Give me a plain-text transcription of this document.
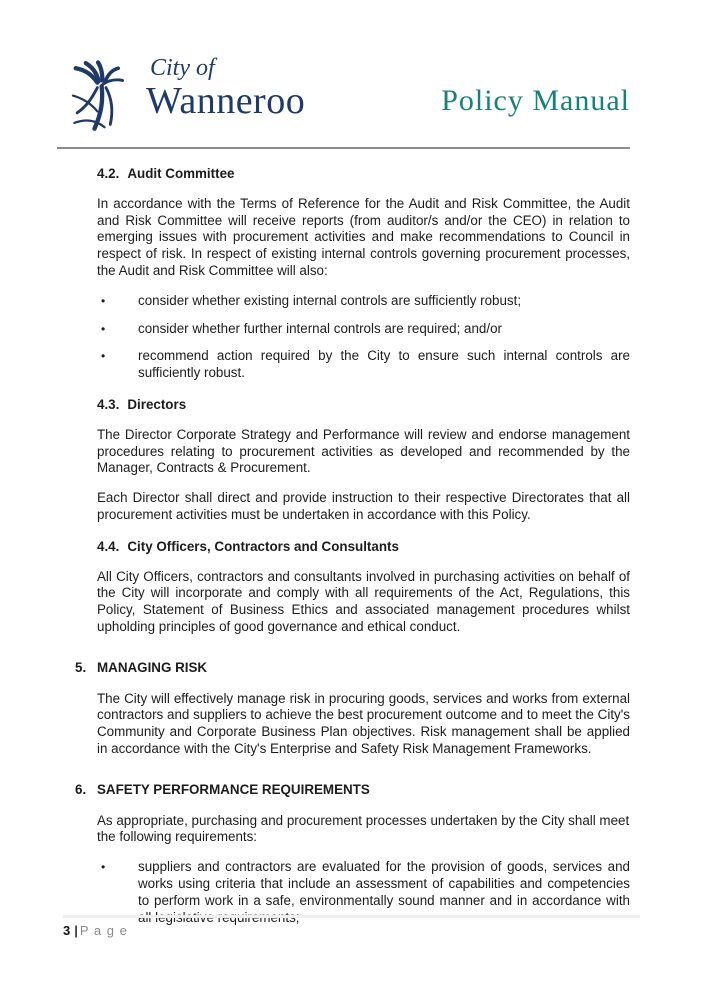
City of
Wanneroo	Policy Manual
4.2. Audit Committee

In accordance with the Terms of Reference for the Audit and Risk Committee, the Audit and Risk Committee will receive reports (from auditor/s and/or the CEO) in relation to emerging issues with procurement activities and make recommendations to Council in respect of risk. In respect of existing internal controls governing procurement processes, the Audit and Risk Committee will also:

•	consider whether existing internal controls are sufficiently robust;
•	consider whether further internal controls are required; and/or
•	recommend action required by the City to ensure such internal controls are sufficiently robust.
4.3. Directors

The Director Corporate Strategy and Performance will review and endorse management procedures relating to procurement activities as developed and recommended by the Manager, Contracts & Procurement.

Each Director shall direct and provide instruction to their respective Directorates that all procurement activities must be undertaken in accordance with this Policy.

4.4. City Officers, Contractors and Consultants

All City Officers, contractors and consultants involved in purchasing activities on behalf of the City will incorporate and comply with all requirements of the Act, Regulations, this Policy, Statement of Business Ethics and associated management procedures whilst upholding principles of good governance and ethical conduct.

5. MANAGING RISK

The City will effectively manage risk in procuring goods, services and works from external contractors and suppliers to achieve the best procurement outcome and to meet the City's Community and Corporate Business Plan objectives. Risk management shall be applied in accordance with the City's Enterprise and Safety Risk Management Frameworks.

6. SAFETY PERFORMANCE REQUIREMENTS

As appropriate, purchasing and procurement processes undertaken by the City shall meet the following requirements:

•	suppliers and contractors are evaluated for the provision of goods, services and works using criteria that include an assessment of capabilities and competencies to perform work in a safe, environmentally sound manner and in accordance with all legislative requirements;
3 | P a g e
